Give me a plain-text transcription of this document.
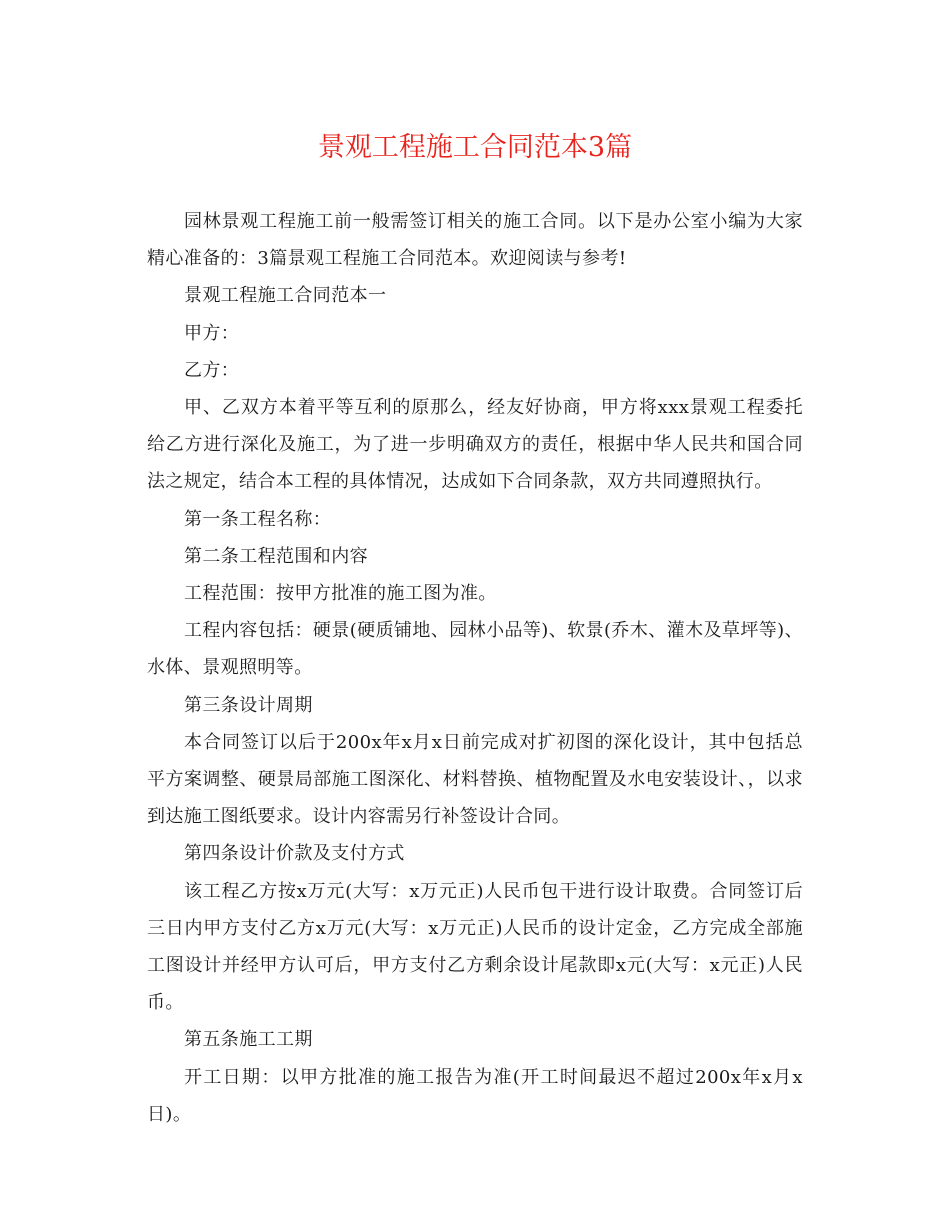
景观工程施工合同范本3篇

园林景观工程施工前一般需签订相关的施工合同。以下是办公室小编为大家精心准备的：3篇景观工程施工合同范本。欢迎阅读与参考!

景观工程施工合同范本一

甲方：

乙方：

甲、乙双方本着平等互利的原那么，经友好协商，甲方将xxx景观工程委托给乙方进行深化及施工，为了进一步明确双方的责任，根据中华人民共和国合同法之规定，结合本工程的具体情况，达成如下合同条款，双方共同遵照执行。

第一条工程名称：

第二条工程范围和内容

工程范围：按甲方批准的施工图为准。

工程内容包括：硬景(硬质铺地、园林小品等)、软景(乔木、灌木及草坪等)、水体、景观照明等。

第三条设计周期

本合同签订以后于200x年x月x日前完成对扩初图的深化设计，其中包括总平方案调整、硬景局部施工图深化、材料替换、植物配置及水电安装设计、，以求到达施工图纸要求。设计内容需另行补签设计合同。

第四条设计价款及支付方式

该工程乙方按x万元(大写：x万元正)人民币包干进行设计取费。合同签订后三日内甲方支付乙方x万元(大写：x万元正)人民币的设计定金，乙方完成全部施工图设计并经甲方认可后，甲方支付乙方剩余设计尾款即x元(大写：x元正)人民币。

第五条施工工期

开工日期：以甲方批准的施工报告为准(开工时间最迟不超过200x年x月x日)。
